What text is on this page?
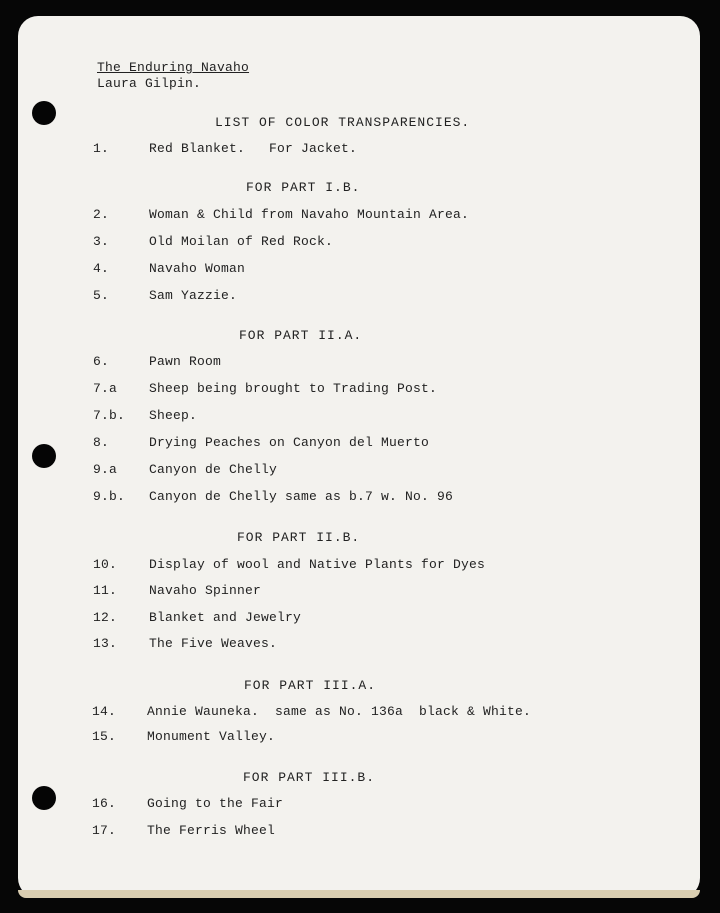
The Enduring Navaho
Laura Gilpin.
LIST OF COLOR TRANSPARENCIES.
1.	Red Blanket.   For Jacket.
FOR PART I.B.
2.	Woman & Child from Navaho Mountain Area.
3.	Old Moilan of Red Rock.
4.	Navaho Woman
5.	Sam Yazzie.
FOR PART II.A.
6.	Pawn Room
7.a Sheep being brought to Trading Post.
7.b. Sheep.
8.	Drying Peaches on Canyon del Muerto
9.a Canyon de Chelly
9.b. Canyon de Chelly same as b.7 w. No. 96
FOR PART II.B.
10. Display of wool and Native Plants for Dyes
11. Navaho Spinner
12. Blanket and Jewelry
13. The Five Weaves.
FOR PART III.A.
14. Annie Wauneka.  same as No. 136a  black & White.
15. Monument Valley.
FOR PART III.B.
16. Going to the Fair
17. The Ferris Wheel
